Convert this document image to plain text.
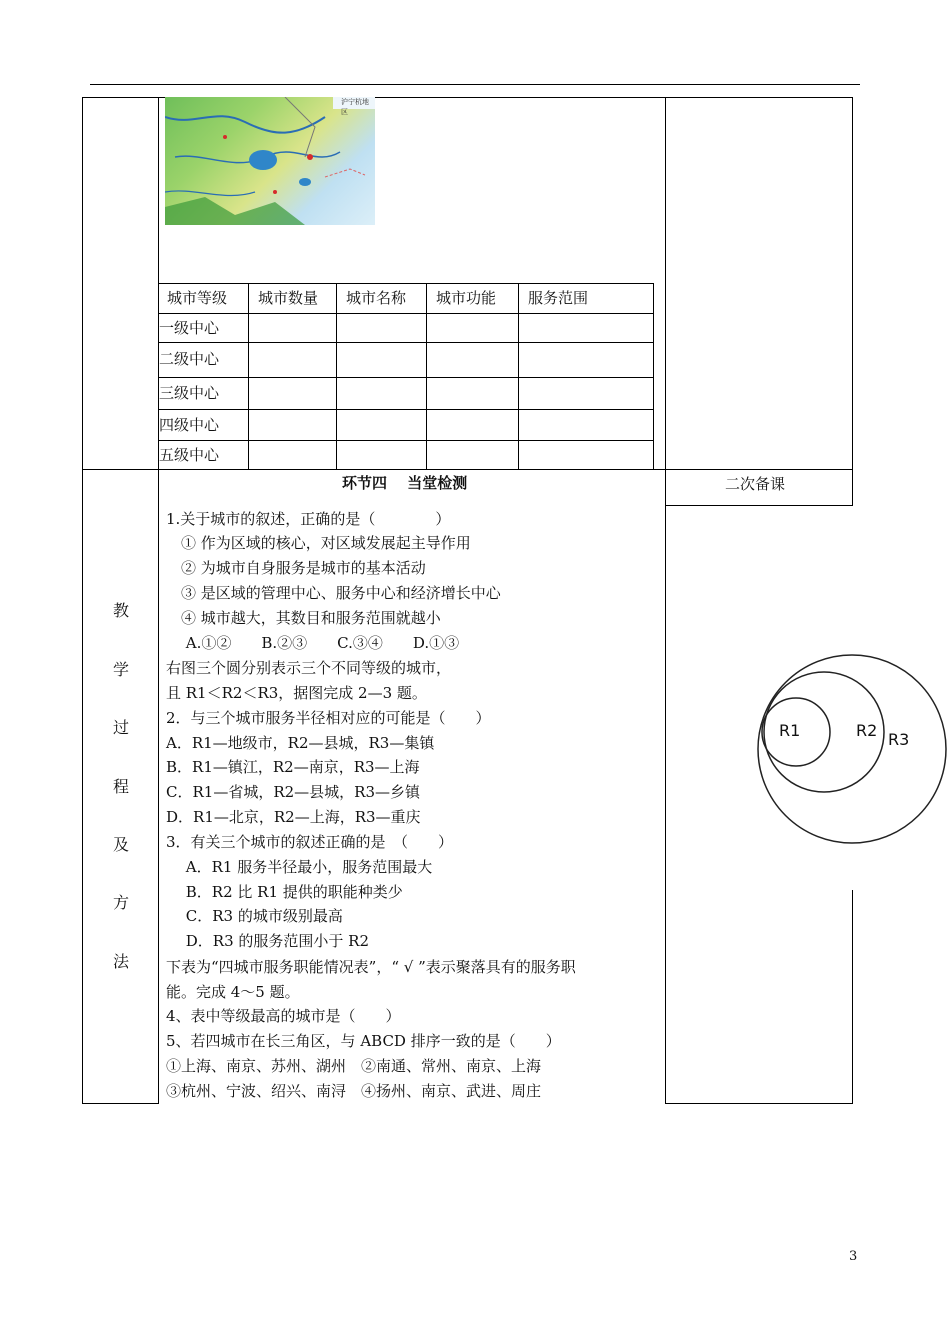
沪宁杭地区
城市等级 城市数量 城市名称 城市功能 服务范围
一级中心
二级中心
三级中心
四级中心
五级中心
环节四　 当堂检测	二次备课
教
学
过
程
及
方
法
1.关于城市的叙述，正确的是（　　　　）
　① 作为区域的核心，对区域发展起主导作用
　② 为城市自身服务是城市的基本活动
　③ 是区域的管理中心、服务中心和经济增长中心
　④ 城市越大，其数目和服务范围就越小
　 A.①②　　B.②③　　C.③④　　D.①③
右图三个圆分别表示三个不同等级的城市，
且 R1＜R2＜R3，据图完成 2—3 题。
2．与三个城市服务半径相对应的可能是（　　）
A．R1—地级市，R2—县城，R3—集镇
B．R1—镇江，R2—南京，R3—上海
C．R1—省城，R2—县城，R3—乡镇
D．R1—北京，R2—上海，R3—重庆
3．有关三个城市的叙述正确的是　（　　）
　 A．R1 服务半径最小，服务范围最大
　 B．R2 比 R1 提供的职能种类少
　 C．R3 的城市级别最高
　 D．R3 的服务范围小于 R2
下表为“四城市服务职能情况表”，“ √ ”表示聚落具有的服务职
能。完成 4～5 题。
4、表中等级最高的城市是（　　）
5、若四城市在长三角区，与 ABCD 排序一致的是（　　）
①上海、南京、苏州、湖州　②南通、常州、南京、上海
③杭州、宁波、绍兴、南浔　④扬州、南京、武进、周庄
R1	R2 R3
3
